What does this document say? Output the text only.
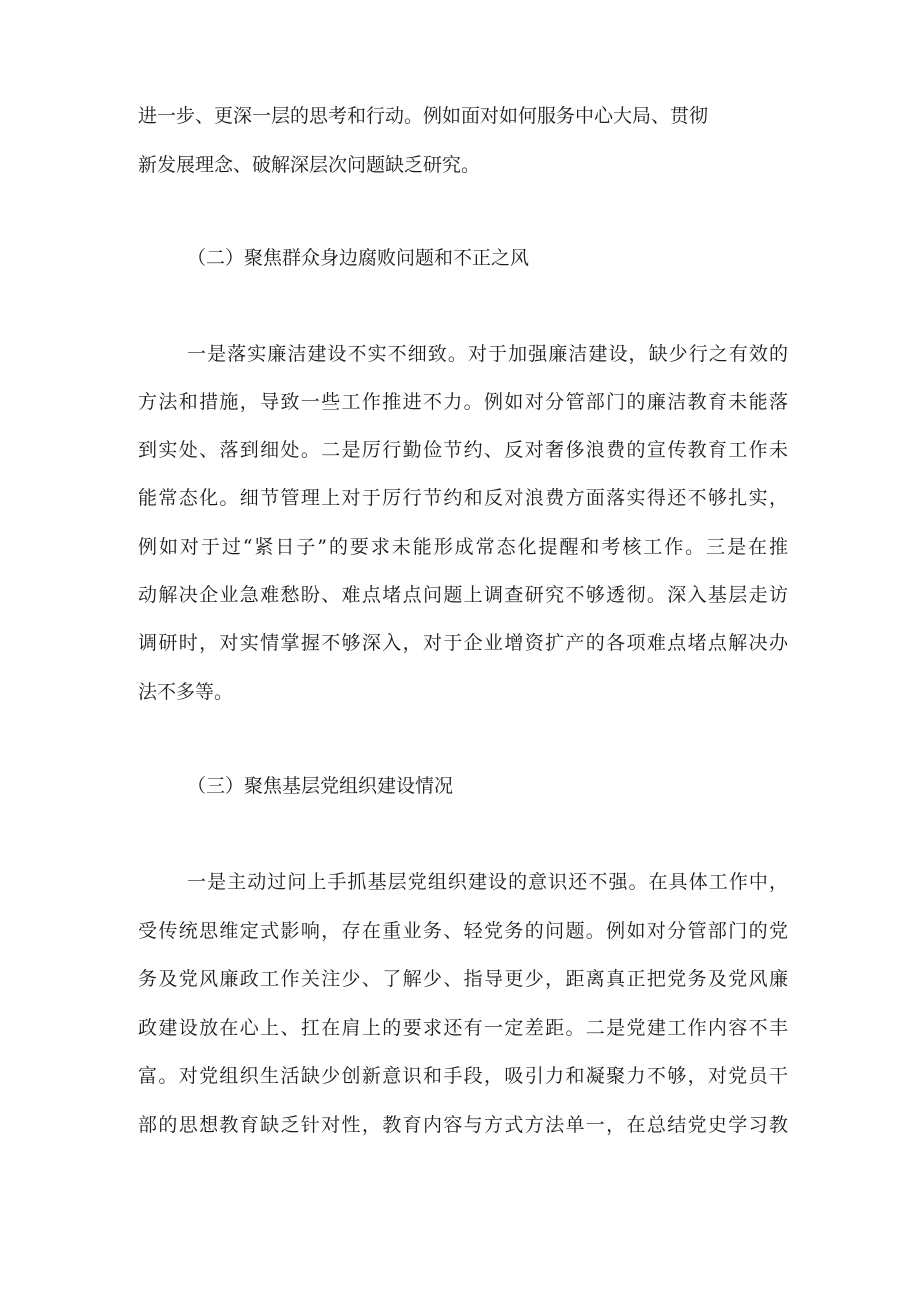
进一步、更深一层的思考和行动。例如面对如何服务中心大局、贯彻
新发展理念、破解深层次问题缺乏研究。
（二）聚焦群众身边腐败问题和不正之风
一是落实廉洁建设不实不细致。对于加强廉洁建设，缺少行之有效的
方法和措施，导致一些工作推进不力。例如对分管部门的廉洁教育未能落
到实处、落到细处。二是厉行勤俭节约、反对奢侈浪费的宣传教育工作未
能常态化。细节管理上对于厉行节约和反对浪费方面落实得还不够扎实，
例如对于过“紧日子”的要求未能形成常态化提醒和考核工作。三是在推
动解决企业急难愁盼、难点堵点问题上调查研究不够透彻。深入基层走访
调研时，对实情掌握不够深入，对于企业增资扩产的各项难点堵点解决办
法不多等。
（三）聚焦基层党组织建设情况
一是主动过问上手抓基层党组织建设的意识还不强。在具体工作中，
受传统思维定式影响，存在重业务、轻党务的问题。例如对分管部门的党
务及党风廉政工作关注少、了解少、指导更少，距离真正把党务及党风廉
政建设放在心上、扛在肩上的要求还有一定差距。二是党建工作内容不丰
富。对党组织生活缺少创新意识和手段，吸引力和凝聚力不够，对党员干
部的思想教育缺乏针对性，教育内容与方式方法单一，在总结党史学习教
